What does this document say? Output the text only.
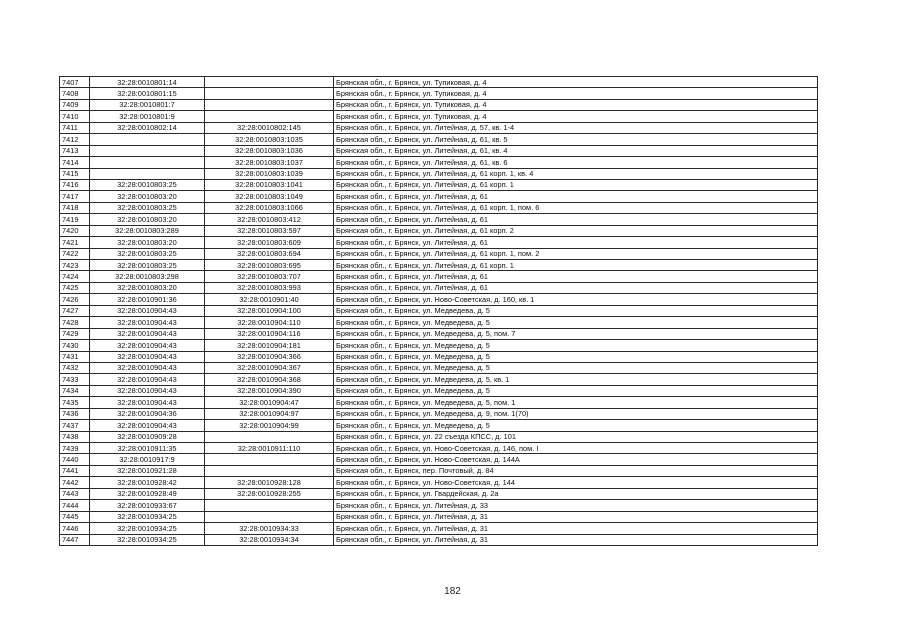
7407	32:28:0010801:14		Брянская обл., г. Брянск, ул. Тупиковая, д. 4
7408	32:28:0010801:15		Брянская обл., г. Брянск, ул. Тупиковая, д. 4
7409	32:28:0010801:7		Брянская обл., г. Брянск, ул. Тупиковая, д. 4
7410	32:28:0010801:9		Брянская обл., г. Брянск, ул. Тупиковая, д. 4
7411	32:28:0010802:14	32:28:0010802:145	Брянская обл., г. Брянск, ул. Литейная, д. 57, кв. 1-4
7412		32:28:0010803:1035	Брянская обл., г. Брянск, ул. Литейная, д. 61, кв. 5
7413		32:28:0010803:1036	Брянская обл., г. Брянск, ул. Литейная, д. 61, кв. 4
7414		32:28:0010803:1037	Брянская обл., г. Брянск, ул. Литейная, д. 61, кв. 6
7415		32:28:0010803:1039	Брянская обл., г. Брянск, ул. Литейная, д. 61 корп. 1, кв. 4
7416	32:28:0010803:25	32:28:0010803:1041	Брянская обл., г. Брянск, ул. Литейная, д. 61 корп. 1
7417	32:28:0010803:20	32:28:0010803:1049	Брянская обл., г. Брянск, ул. Литейная, д. 61
7418	32:28:0010803:25	32:28:0010803:1066	Брянская обл., г. Брянск, ул. Литейная, д. 61 корп. 1, пом. 6
7419	32:28:0010803:20	32:28:0010803:412	Брянская обл., г. Брянск, ул. Литейная, д. 61
7420	32:28:0010803:289	32:28:0010803:597	Брянская обл., г. Брянск, ул. Литейная, д. 61 корп. 2
7421	32:28:0010803:20	32:28:0010803:609	Брянская обл., г. Брянск, ул. Литейная, д. 61
7422	32:28:0010803:25	32:28:0010803:694	Брянская обл., г. Брянск, ул. Литейная, д. 61 корп. 1, пом. 2
7423	32:28:0010803:25	32:28:0010803:695	Брянская обл., г. Брянск, ул. Литейная, д. 61 корп. 1
7424	32:28:0010803:298	32:28:0010803:707	Брянская обл., г. Брянск, ул. Литейная, д. 61
7425	32:28:0010803:20	32:28:0010803:993	Брянская обл., г. Брянск, ул. Литейная, д. 61
7426	32:28:0010901:36	32:28:0010901:40	Брянская обл., г. Брянск, ул. Ново-Советская, д. 160, кв. 1
7427	32:28:0010904:43	32:28:0010904:100	Брянская обл., г. Брянск, ул. Медведева, д. 5
7428	32:28:0010904:43	32:28:0010904:110	Брянская обл., г. Брянск, ул. Медведева, д. 5
7429	32:28:0010904:43	32:28:0010904:116	Брянская обл., г. Брянск, ул. Медведева, д. 5, пом. 7
7430	32:28:0010904:43	32:28:0010904:181	Брянская обл., г. Брянск, ул. Медведева, д. 5
7431	32:28:0010904:43	32:28:0010904:366	Брянская обл., г. Брянск, ул. Медведева, д. 5
7432	32:28:0010904:43	32:28:0010904:367	Брянская обл., г. Брянск, ул. Медведева, д. 5
7433	32:28:0010904:43	32:28:0010904:368	Брянская обл., г. Брянск, ул. Медведева, д. 5, кв. 1
7434	32:28:0010904:43	32:28:0010904:390	Брянская обл., г. Брянск, ул. Медведева, д. 5
7435	32:28:0010904:43	32:28:0010904:47	Брянская обл., г. Брянск, ул. Медведева, д. 5, пом. 1
7436	32:28:0010904:36	32:28:0010904:97	Брянская обл., г. Брянск, ул. Медведева, д. 9, пом. 1(70)
7437	32:28:0010904:43	32:28:0010904:99	Брянская обл., г. Брянск, ул. Медведева, д. 5
7438	32:28:0010909:28		Брянская обл., г. Брянск, ул. 22 съезда КПСС, д. 101
7439	32:28:0010911:35	32:28:0010911:110	Брянская обл., г. Брянск, ул. Ново-Советская, д. 146, пом. I
7440	32:28:0010917:9		Брянская обл., г. Брянск, ул. Ново-Советская, д. 144А
7441	32:28:0010921:28		Брянская обл., г. Брянск, пер. Почтовый, д. 84
7442	32:28:0010928:42	32:28:0010928:128	Брянская обл., г. Брянск, ул. Ново-Советская, д. 144
7443	32:28:0010928:49	32:28:0010928:255	Брянская обл., г. Брянск, ул. Гвардейская, д. 2а
7444	32:28:0010933:67		Брянская обл., г. Брянск, ул. Литейная, д. 33
7445	32:28:0010934:25		Брянская обл., г. Брянск, ул. Литейная, д. 31
7446	32:28:0010934:25	32:28:0010934:33	Брянская обл., г. Брянск, ул. Литейная, д. 31
7447	32:28:0010934:25	32:28:0010934:34	Брянская обл., г. Брянск, ул. Литейная, д. 31
182
